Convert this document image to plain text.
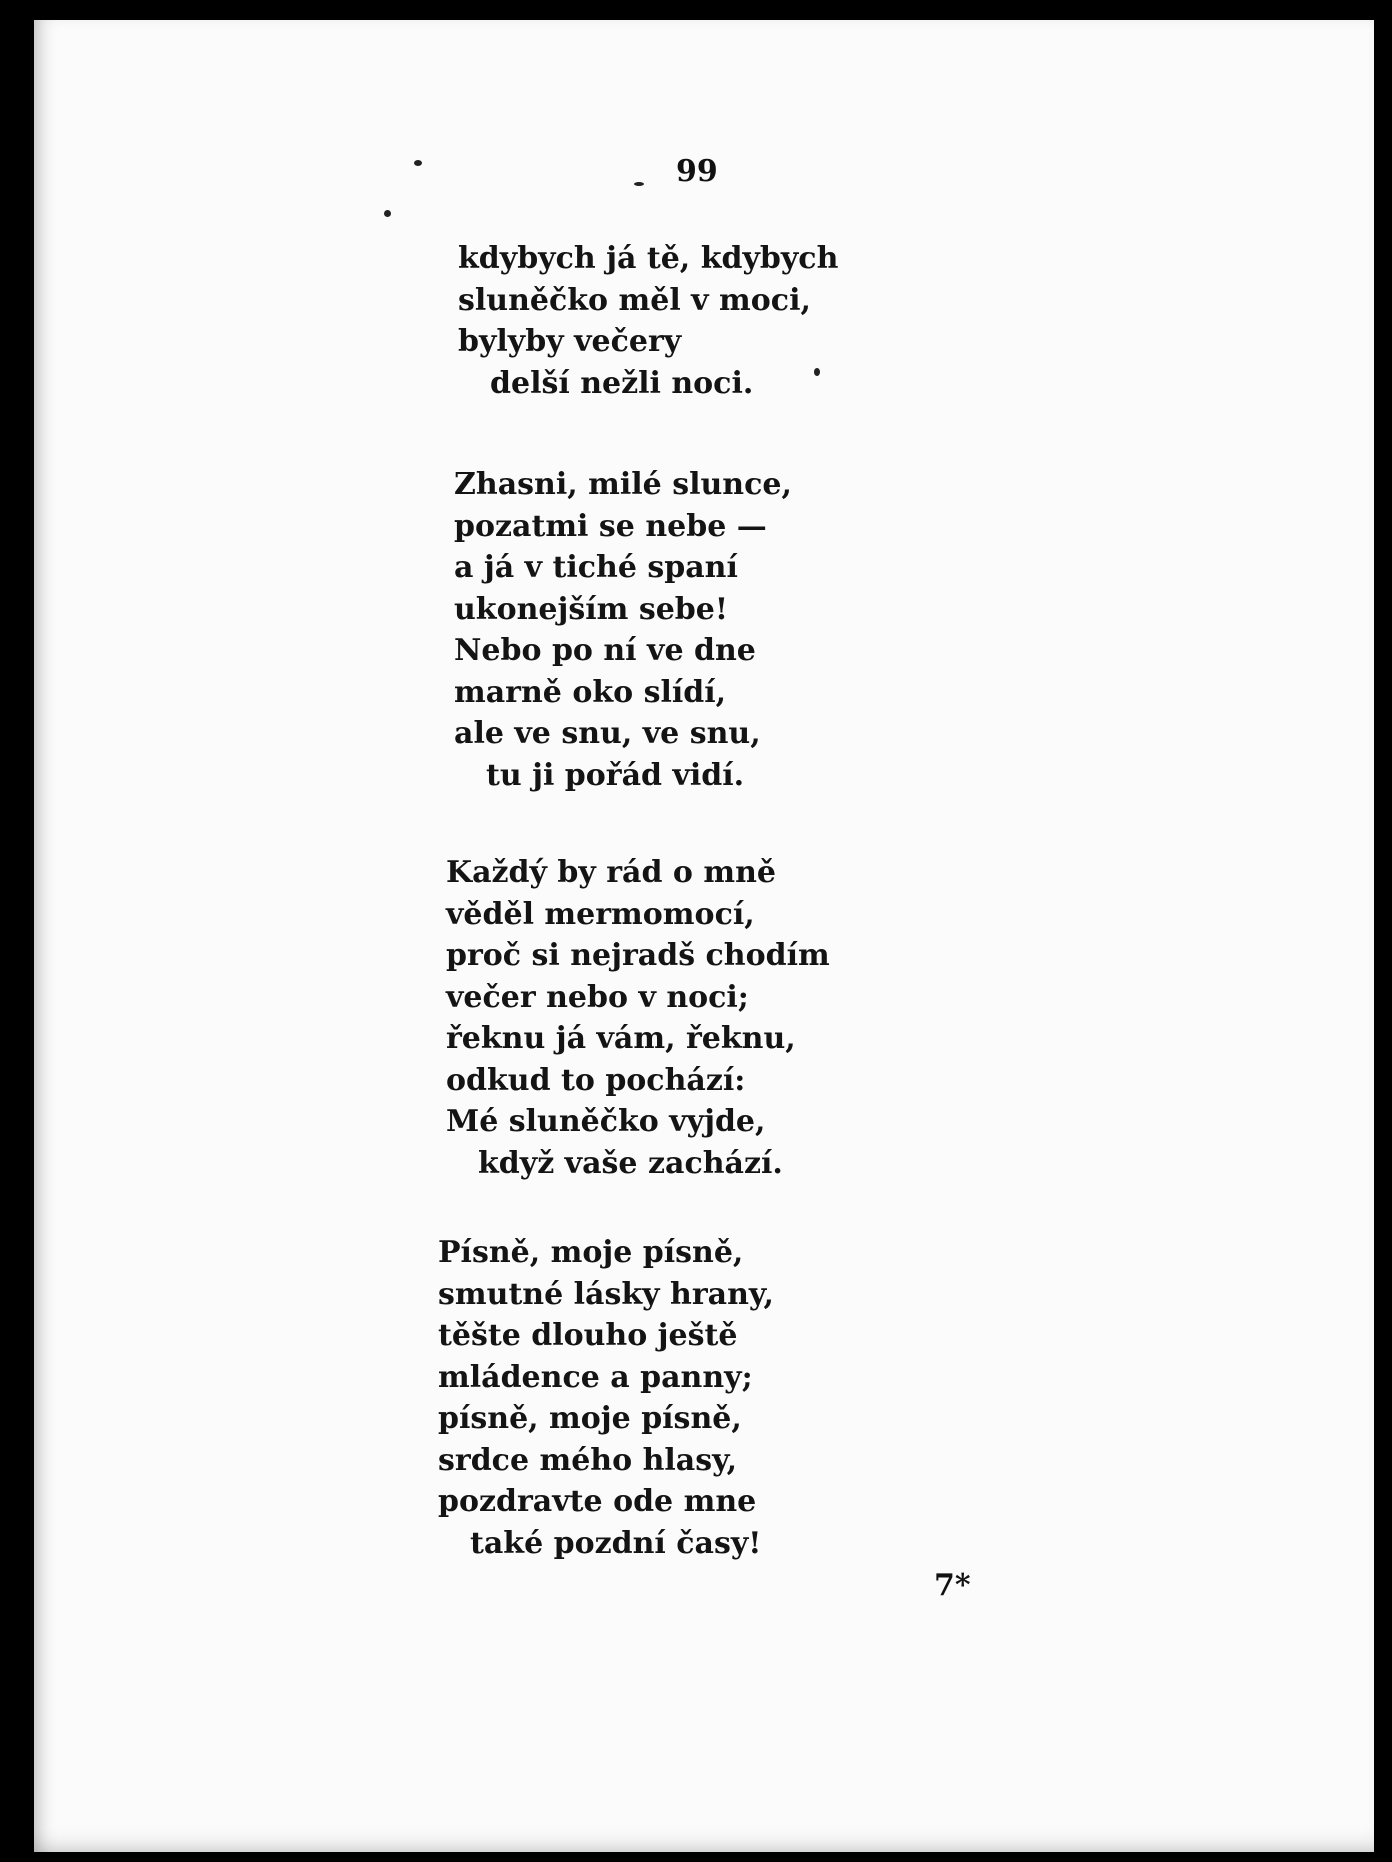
99
kdybych já tě, kdybych
sluněčko měl v moci,
bylyby večery
delší nežli noci.
Zhasni, milé slunce,
pozatmi se nebe —
a já v tiché spaní
ukonejším sebe!
Nebo po ní ve dne
marně oko slídí,
ale ve snu, ve snu,
tu ji pořád vidí.
Každý by rád o mně
věděl mermomocí,
proč si nejradš chodím
večer nebo v noci;
řeknu já vám, řeknu,
odkud to pochází:
Mé sluněčko vyjde,
když vaše zachází.
Písně, moje písně,
smutné lásky hrany,
těšte dlouho ještě
mládence a panny;
písně, moje písně,
srdce mého hlasy,
pozdravte ode mne
také pozdní časy!
7*
